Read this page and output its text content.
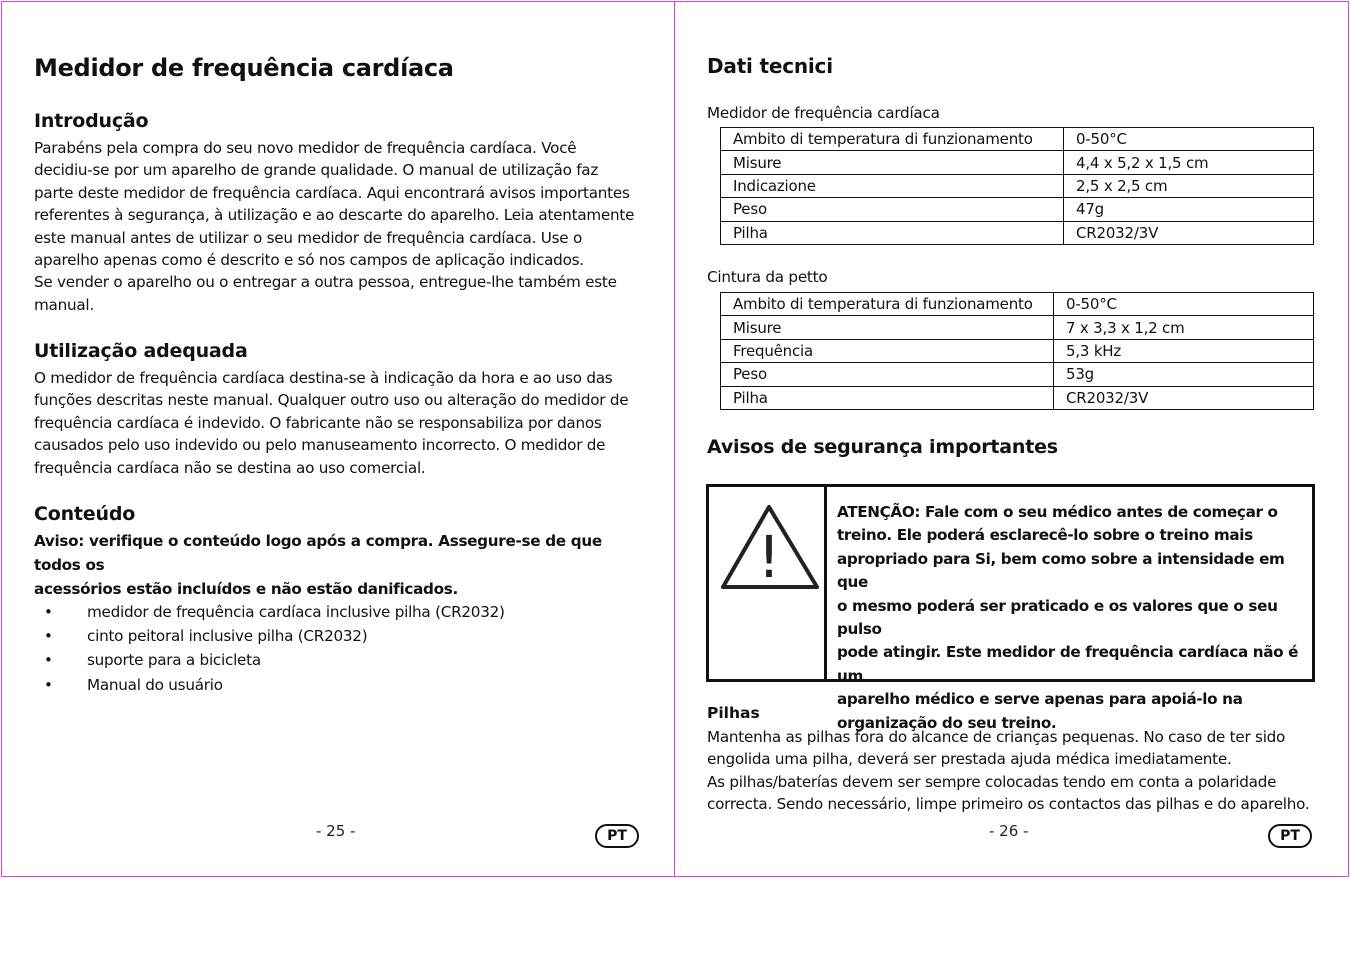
Medidor de frequência cardíaca
Introdução

Parabéns pela compra do seu novo medidor de frequência cardíaca. Você

decidiu-se por um aparelho de grande qualidade. O manual de utilização faz

parte deste medidor de frequência cardíaca. Aqui encontrará avisos importantes

referentes à segurança, à utilização e ao descarte do aparelho. Leia atentamente

este manual antes de utilizar o seu medidor de frequência cardíaca. Use o

aparelho apenas como é descrito e só nos campos de aplicação indicados.

Se vender o aparelho ou o entregar a outra pessoa, entregue-lhe também este

manual.

Utilização adequada

O medidor de frequência cardíaca destina-se à indicação da hora e ao uso das

funções descritas neste manual. Qualquer outro uso ou alteração do medidor de

frequência cardíaca é indevido. O fabricante não se responsabiliza por danos

causados pelo uso indevido ou pelo manuseamento incorrecto. O medidor de

frequência cardíaca não se destina ao uso comercial.

Conteúdo

Aviso: verifique o conteúdo logo após a compra. Assegure-se de que todos os

acessórios estão incluídos e não estão danificados.

• medidor de frequência cardíaca inclusive pilha (CR2032)
• cinto peitoral inclusive pilha (CR2032)
• suporte para a bicicleta
• Manual do usuário
- 25 -	PT
Dati tecnici
Medidor de frequência cardíaca
Ambito di temperatura di funzionamento	0-50°C
Misure	4,4 x 5,2 x 1,5 cm
Indicazione	2,5 x 2,5 cm
Peso	47g
Pilha	CR2032/3V
Cintura da petto
Ambito di temperatura di funzionamento	0-50°C
Misure	7 x 3,3 x 1,2 cm
Frequência	5,3 kHz
Peso	53g
Pilha	CR2032/3V
Avisos de segurança importantes
!
ATENÇÃO: Fale com o seu médico antes de começar o
treino. Ele poderá esclarecê-lo sobre o treino mais
apropriado para Si, bem como sobre a intensidade em que
o mesmo poderá ser praticado e os valores que o seu pulso
pode atingir. Este medidor de frequência cardíaca não é um
aparelho médico e serve apenas para apoiá-lo na
organização do seu treino.
Pilhas

Mantenha as pilhas fora do alcance de crianças pequenas. No caso de ter sido

engolida uma pilha, deverá ser prestada ajuda médica imediatamente.

As pilhas/baterías devem ser sempre colocadas tendo em conta a polaridade

correcta. Sendo necessário, limpe primeiro os contactos das pilhas e do aparelho.

- 26 -	PT
